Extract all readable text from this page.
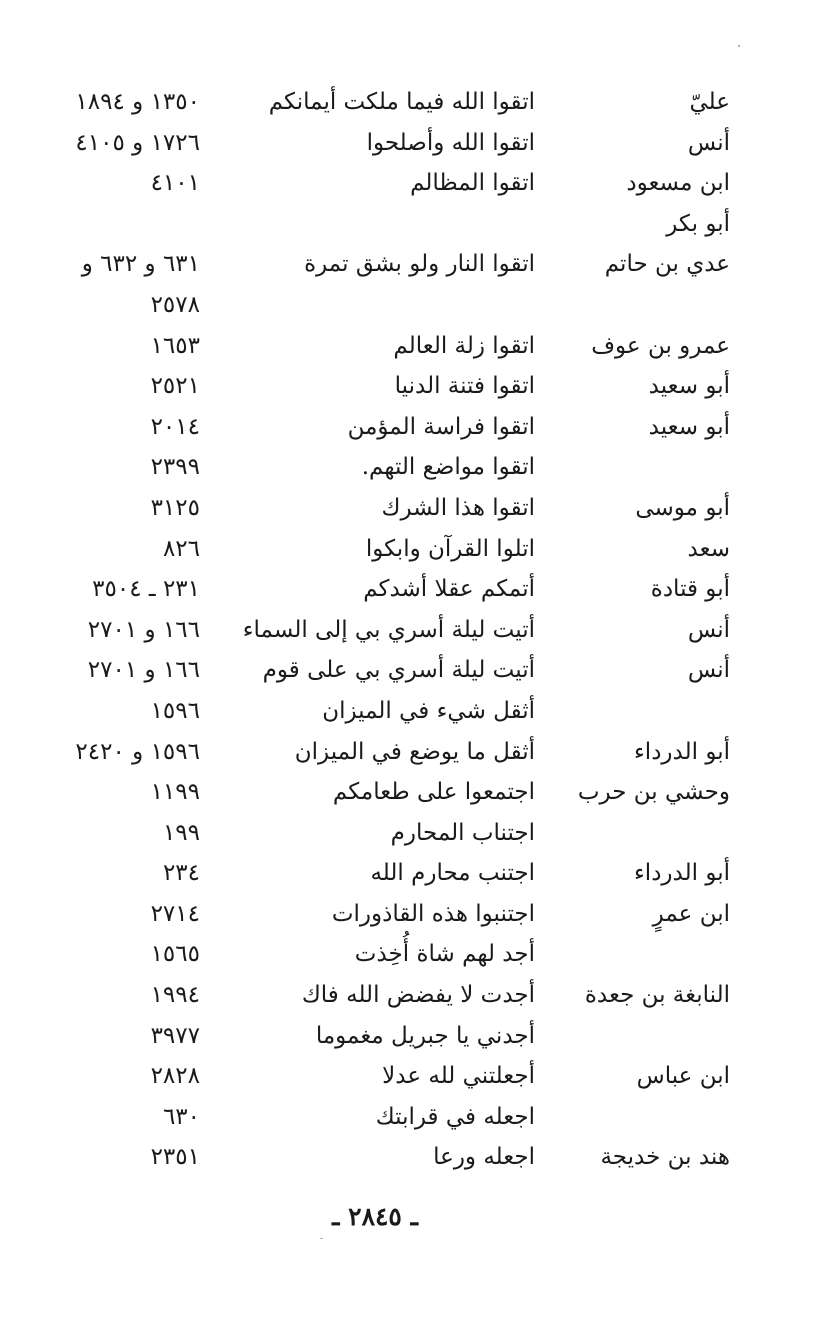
عليّ
اتقوا الله فيما ملكت أيمانكم
١٣٥٠ و ١٨٩٤
أنس
اتقوا الله وأصلحوا
١٧٢٦ و ٤١٠٥
ابن مسعود
اتقوا المظالم
٤١٠١
أبو بكر
عدي بن حاتم
اتقوا النار ولو بشق تمرة
٦٣١ و ٦٣٢ و
٢٥٧٨
عمرو بن عوف
اتقوا زلة العالم
١٦٥٣
أبو سعيد
اتقوا فتنة الدنيا
٢٥٢١
أبو سعيد
اتقوا فراسة المؤمن
٢٠١٤
اتقوا مواضع التهم.
٢٣٩٩
أبو موسى
اتقوا هذا الشرك
٣١٢٥
سعد
اتلوا القرآن وابكوا
٨٢٦
أبو قتادة
أتمكم عقلا أشدكم
٢٣١ ـ ٣٥٠٤
أنس
أتيت ليلة أسري بي إلى السماء
١٦٦ و ٢٧٠١
أنس
أتيت ليلة أسري بي على قوم
١٦٦ و ٢٧٠١
أثقل شيء في الميزان
١٥٩٦
أبو الدرداء
أثقل ما يوضع في الميزان
١٥٩٦ و ٢٤٢٠
وحشي بن حرب
اجتمعوا على طعامكم
١١٩٩
اجتناب المحارم
١٩٩
أبو الدرداء
اجتنب محارم الله
٢٣٤
ابن عمرٍ
اجتنبوا هذه القاذورات
٢٧١٤
أجد لهم شاة أُخِذت
١٥٦٥
النابغة بن جعدة
أجدت لا يفضض الله فاك
١٩٩٤
أجدني يا جبريل مغموما
٣٩٧٧
ابن عباس
أجعلتني لله عدلا
٢٨٢٨
اجعله في قرابتك
٦٣٠
هند بن خديجة
اجعله ورعا
٢٣٥١
ـ ٢٨٤٥ ـ
